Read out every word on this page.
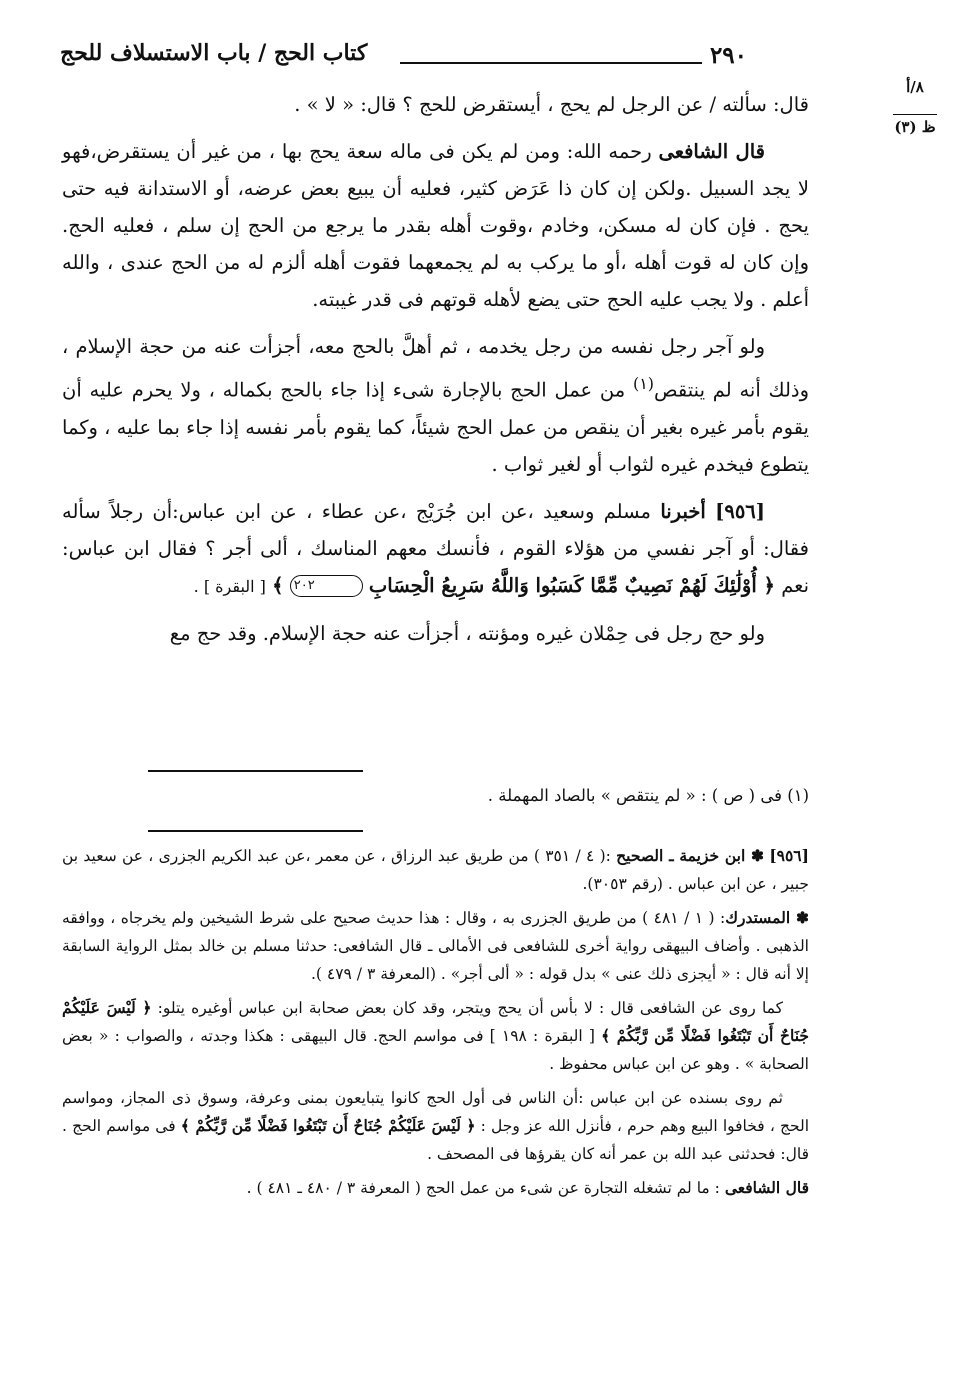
٢٩٠
كتاب الحج / باب الاستسلاف للحج
٨/أ
ظ (٣)

قال: سألته / عن الرجل لم يحج ، أيستقرض للحج ؟ قال: « لا » .

قال الشافعى رحمه الله: ومن لم يكن فى ماله سعة يحج بها ، من غير أن يستقرض،فهو لا يجد السبيل .ولكن إن كان ذا عَرَض كثير، فعليه أن يبيع بعض عرضه، أو الاستدانة فيه حتى يحج . فإن كان له مسكن، وخادم ،وقوت أهله بقدر ما يرجع من الحج إن سلم ، فعليه الحج. وإن كان له قوت أهله ،أو ما يركب به لم يجمعهما فقوت أهله ألزم له من الحج عندى ، والله أعلم . ولا يجب عليه الحج حتى يضع لأهله قوتهم فى قدر غيبته.

ولو آجر رجل نفسه من رجل يخدمه ، ثم أهلَّ بالحج معه، أجزأت عنه من حجة الإسلام ، وذلك أنه لم ينتقص$^{(١)}$ من عمل الحج بالإجارة شىء إذا جاء بالحج بكماله ، ولا يحرم عليه أن يقوم بأمر غيره بغير أن ينقص من عمل الحج شيئاً، كما يقوم بأمر نفسه إذا جاء بما عليه ، وكما يتطوع فيخدم غيره لثواب أو لغير ثواب .

[٩٥٦] أخبرنا مسلم وسعيد ،عن ابن جُرَيْج ،عن عطاء ، عن ابن عباس:أن رجلاً سأله فقال: أو آجر نفسي من هؤلاء القوم ، فأنسك معهم المناسك ، ألى أجر ؟ فقال ابن عباس: نعم ﴿ أُوْلَٰئِكَ لَهُمْ نَصِيبٌ مِّمَّا كَسَبُوا وَاللَّهُ سَرِيعُ الْحِسَابِ ٢٠٢ ﴾ [ البقرة ] .

ولو حج رجل فى حِمْلان غيره ومؤنته ، أجزأت عنه حجة الإسلام. وقد حج مع

(١) فى ( ص ) : « لم ينتقص » بالصاد المهملة .

[٩٥٦] ✽ ابن خزيمة ـ الصحيح :( ٤ / ٣٥١ ) من طريق عبد الرزاق ، عن معمر ،عن عبد الكريم الجزرى ، عن سعيد بن جبير ، عن ابن عباس . (رقم ٣٠٥٣).

✽ المستدرك: ( ١ / ٤٨١ ) من طريق الجزرى به ، وقال : هذا حديث صحيح على شرط الشيخين ولم يخرجاه ، ووافقه الذهبى . وأضاف البيهقى رواية أخرى للشافعى فى الأمالى ـ قال الشافعى: حدثنا مسلم بن خالد بمثل الرواية السابقة إلا أنه قال : « أيجزى ذلك عنى » بدل قوله : « ألى أجر» . (المعرفة ٣ / ٤٧٩ ).

كما روى عن الشافعى قال : لا بأس أن يحج ويتجر، وقد كان بعض صحابة ابن عباس أوغيره يتلو: ﴿ لَيْسَ عَلَيْكُمْ جُنَاحٌ أَن تَبْتَغُوا فَضْلًا مِّن رَّبِّكُمْ ﴾ [ البقرة : ١٩٨ ] فى مواسم الحج. قال البيهقى : هكذا وجدته ، والصواب : « بعض الصحابة » . وهو عن ابن عباس محفوظ .

ثم روى بسنده عن ابن عباس :أن الناس فى أول الحج كانوا يتبايعون بمنى وعرفة، وسوق ذى المجاز، ومواسم الحج ، فخافوا البيع وهم حرم ، فأنزل الله عز وجل : ﴿ لَيْسَ عَلَيْكُمْ جُنَاحٌ أَن تَبْتَغُوا فَضْلًا مِّن رَّبِّكُمْ ﴾ فى مواسم الحج . قال: فحدثنى عبد الله بن عمر أنه كان يقرؤها فى المصحف .

قال الشافعى : ما لم تشغله التجارة عن شىء من عمل الحج ( المعرفة ٣ / ٤٨٠ ـ ٤٨١ ) .
